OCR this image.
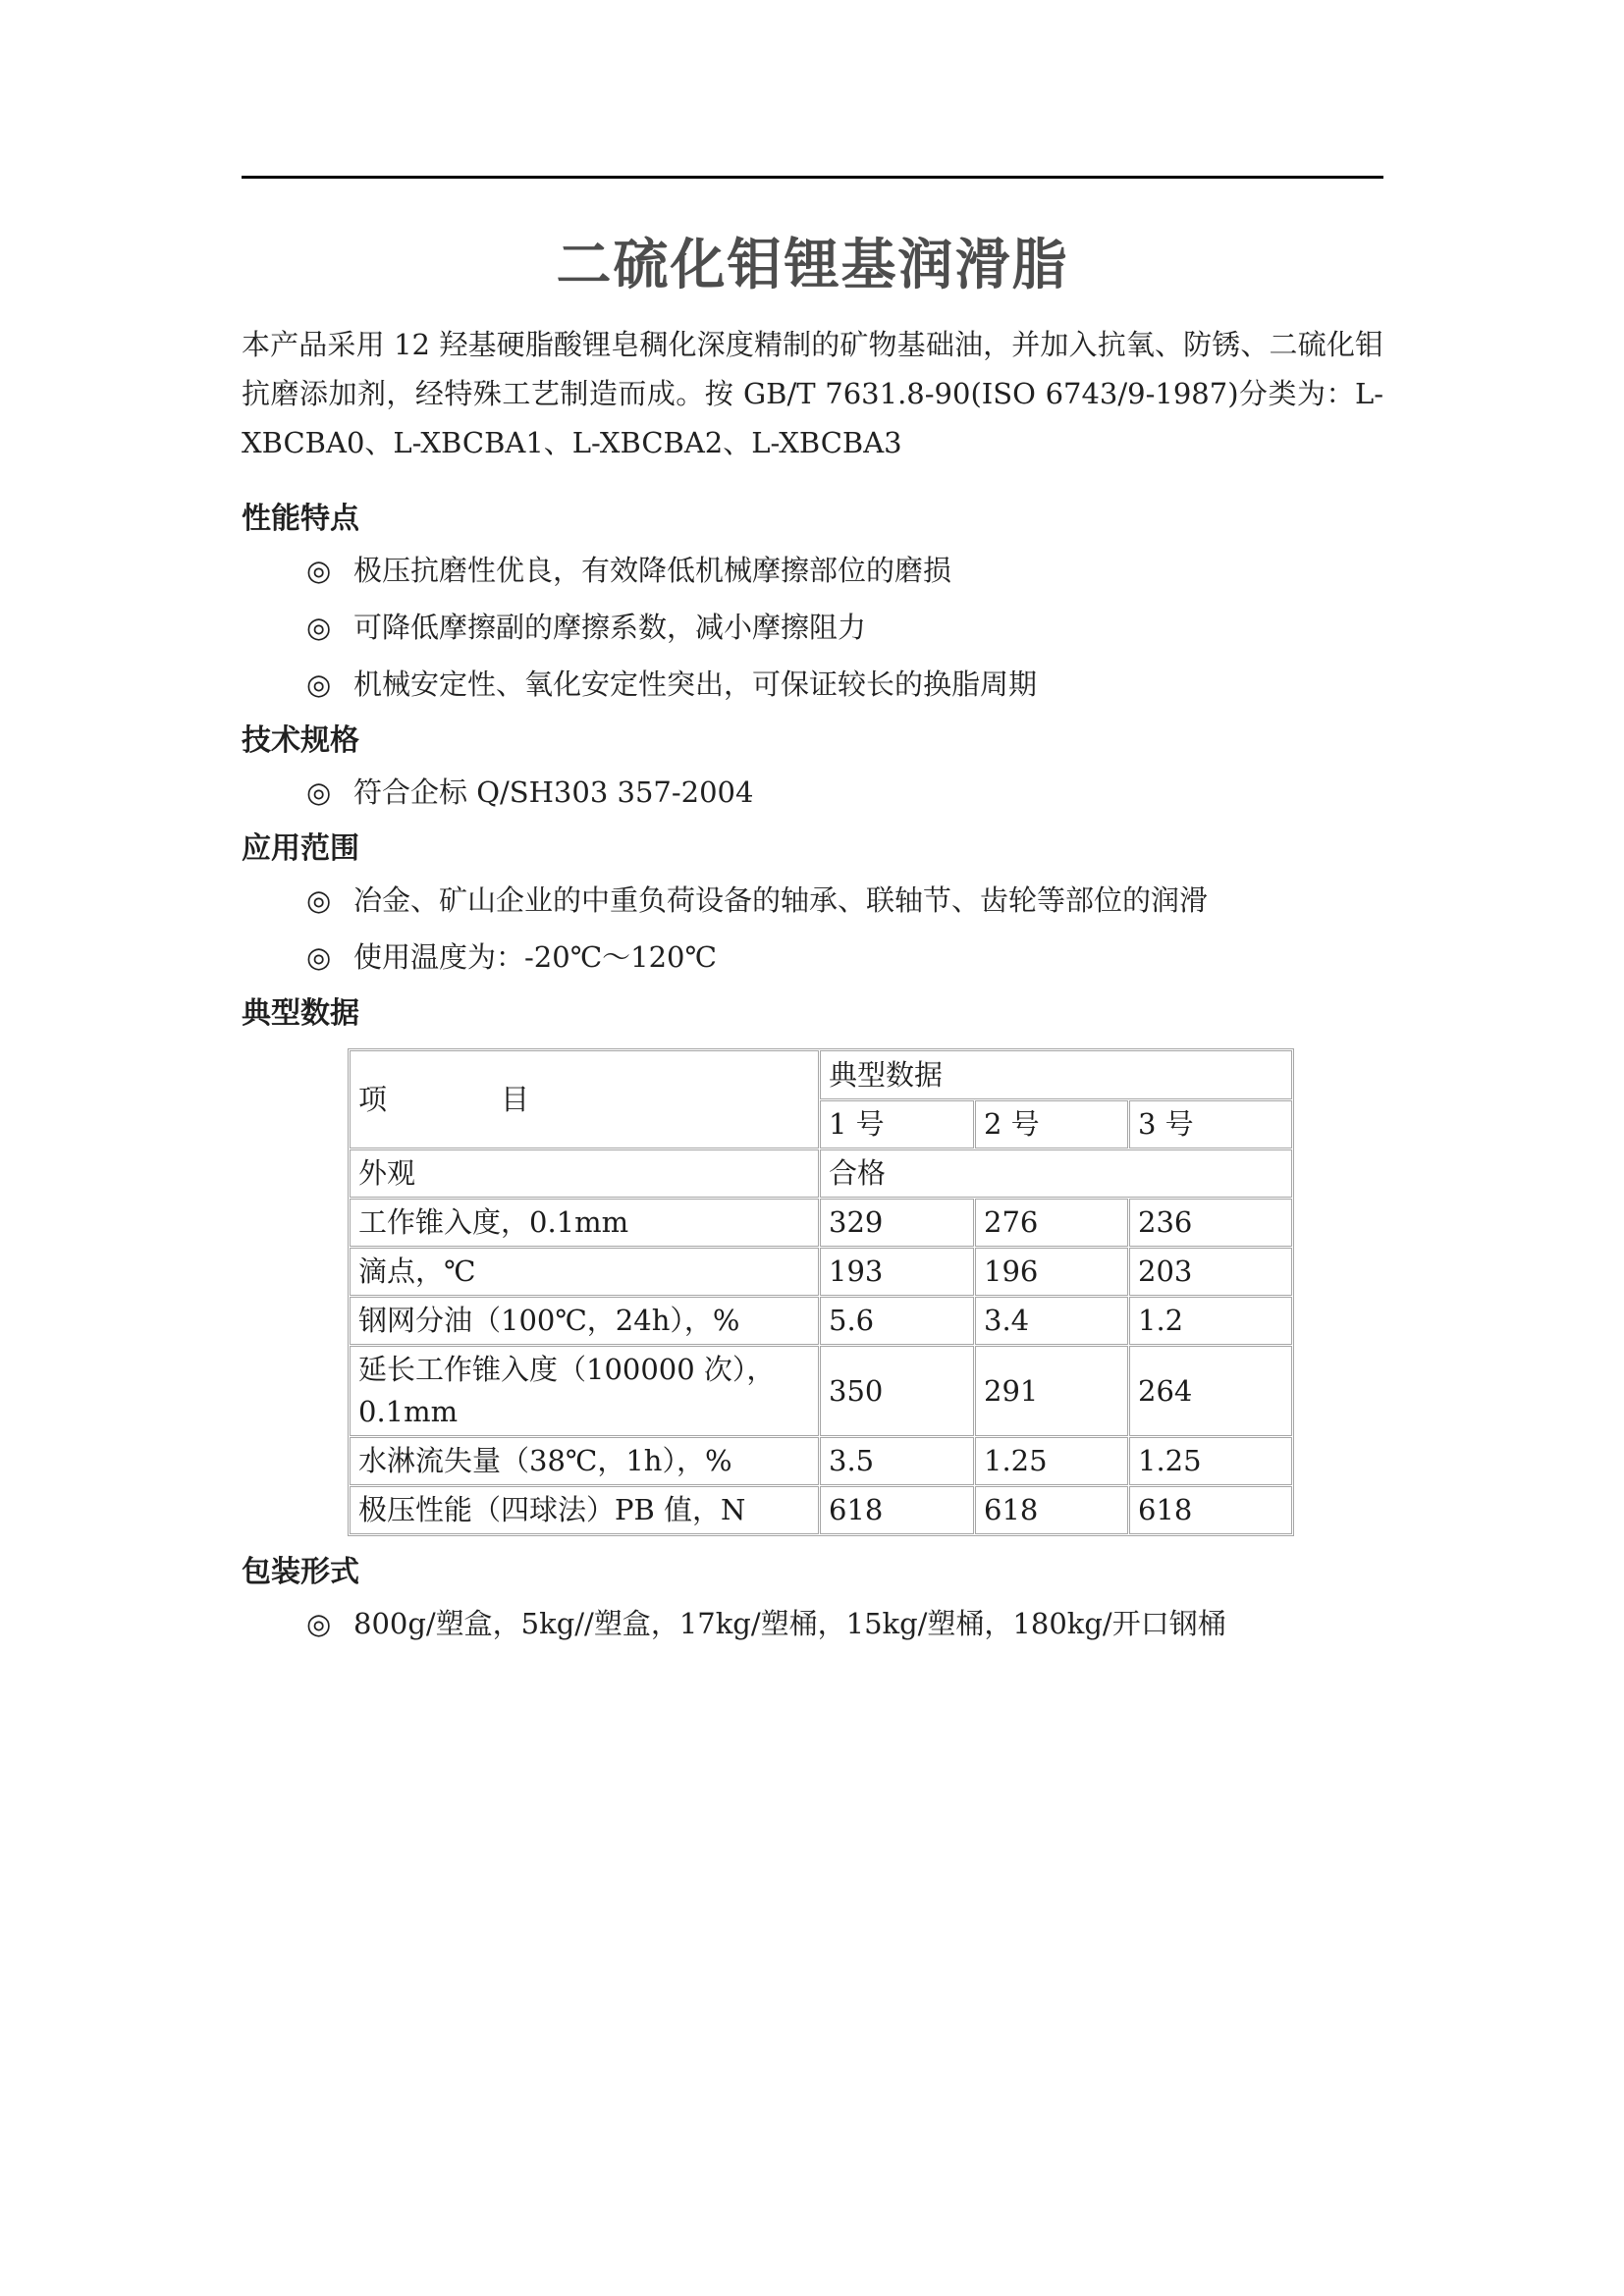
二硫化钼锂基润滑脂

本产品采用 12 羟基硬脂酸锂皂稠化深度精制的矿物基础油，并加入抗氧、防锈、二硫化钼抗磨添加剂，经特殊工艺制造而成。按 GB/T 7631.8-90(ISO 6743/9-1987)分类为：L-XBCBA0、L-XBCBA1、L-XBCBA2、L-XBCBA3

性能特点
◎ 极压抗磨性优良，有效降低机械摩擦部位的磨损
◎ 可降低摩擦副的摩擦系数，减小摩擦阻力
◎ 机械安定性、氧化安定性突出，可保证较长的换脂周期
技术规格
◎ 符合企标 Q/SH303 357-2004
应用范围
◎ 冶金、矿山企业的中重负荷设备的轴承、联轴节、齿轮等部位的润滑
◎ 使用温度为：-20℃～120℃
典型数据
项　　　　目	典型数据		
	1 号	2 号	3 号
外观	合格		
工作锥入度，0.1mm	329	276	236
滴点，℃	193	196	203
钢网分油（100℃，24h），%	5.6	3.4	1.2
延长工作锥入度（100000 次），0.1mm	350	291	264
水淋流失量（38℃，1h），%	3.5	1.25	1.25
极压性能（四球法）PB 值，N	618	618	618
包装形式
◎ 800g/塑盒，5kg//塑盒，17kg/塑桶，15kg/塑桶，180kg/开口钢桶
